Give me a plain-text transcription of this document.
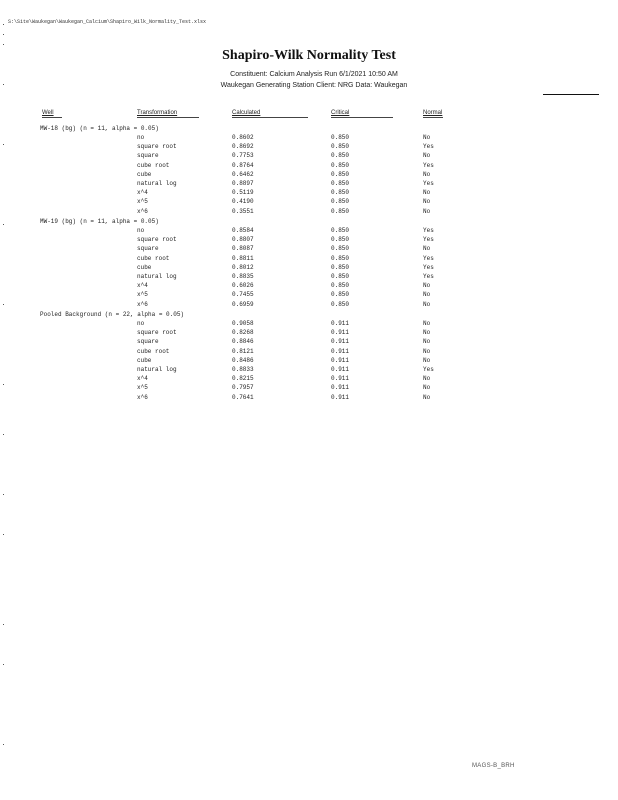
S:\Site\Waukegan\Waukegan_Calcium\Shapiro_Wilk_Normality_Test.xlsx
Shapiro-Wilk Normality Test
Constituent: Calcium Analysis Run 6/1/2021 10:50 AM
Waukegan Generating Station Client: NRG Data: Waukegan
Well	Transformation	Calculated	Critical	Normal
MW-18 (bg) (n = 11, alpha = 0.05)
no	0.8602	0.850	No
square root	0.8692	0.850	Yes
square	0.7753	0.850	No
cube root	0.8764	0.850	Yes
cube	0.6462	0.850	No
natural log	0.8897	0.850	Yes
x^4	0.5119	0.850	No
x^5	0.4190	0.850	No
x^6	0.3551	0.850	No
MW-19 (bg) (n = 11, alpha = 0.05)
no	0.8584	0.850	Yes
square root	0.8807	0.850	Yes
square	0.8087	0.850	No
cube root	0.8811	0.850	Yes
cube	0.8012	0.850	Yes
natural log	0.8835	0.850	Yes
x^4	0.6026	0.850	No
x^5	0.7455	0.850	No
x^6	0.6959	0.850	No
Pooled Background (n = 22, alpha = 0.05)
no	0.9058	0.911	No
square root	0.8268	0.911	No
square	0.8846	0.911	No
cube root	0.8121	0.911	No
cube	0.8486	0.911	No
natural log	0.8833	0.911	Yes
x^4	0.8215	0.911	No
x^5	0.7957	0.911	No
x^6	0.7641	0.911	No
MAGS-B_BRH
